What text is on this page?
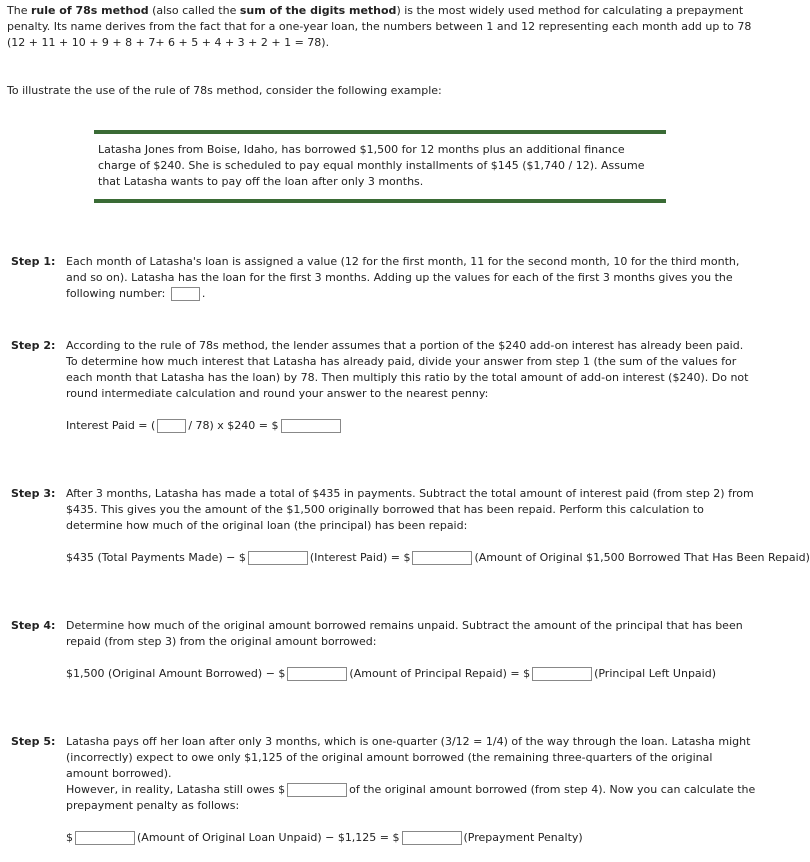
The rule of 78s method (also called the sum of the digits method) is the most widely used method for calculating a prepayment penalty. Its name derives from the fact that for a one-year loan, the numbers between 1 and 12 representing each month add up to 78 (12 + 11 + 10 + 9 + 8 + 7+ 6 + 5 + 4 + 3 + 2 + 1 = 78).

To illustrate the use of the rule of 78s method, consider the following example:

Latasha Jones from Boise, Idaho, has borrowed $1,500 for 12 months plus an additional finance charge of $240. She is scheduled to pay equal monthly installments of $145 ($1,740 / 12). Assume that Latasha wants to pay off the loan after only 3 months.

Step 1: Each month of Latasha's loan is assigned a value (12 for the first month, 11 for the second month, 10 for the third month, and so on). Latasha has the loan for the first 3 months. Adding up the values for each of the first 3 months gives you the following number:	.

Step 2: According to the rule of 78s method, the lender assumes that a portion of the $240 add-on interest has already been paid. To determine how much interest that Latasha has already paid, divide your answer from step 1 (the sum of the values for each month that Latasha has the loan) by 78. Then multiply this ratio by the total amount of add-on interest ($240). Do not round intermediate calculation and round your answer to the nearest penny:

Interest Paid = (	/ 78) x $240 = $
Step 3: After 3 months, Latasha has made a total of $435 in payments. Subtract the total amount of interest paid (from step 2) from $435. This gives you the amount of the $1,500 originally borrowed that has been repaid. Perform this calculation to determine how much of the original loan (the principal) has been repaid:

$435 (Total Payments Made) − $	(Interest Paid) = $	(Amount of Original $1,500 Borrowed That Has Been Repaid)
Step 4: Determine how much of the original amount borrowed remains unpaid. Subtract the amount of the principal that has been repaid (from step 3) from the original amount borrowed:

$1,500 (Original Amount Borrowed) − $	(Amount of Principal Repaid) = $	(Principal Left Unpaid)
Step 5: Latasha pays off her loan after only 3 months, which is one-quarter (3/12 = 1/4) of the way through the loan. Latasha might (incorrectly) expect to owe only $1,125 of the original amount borrowed (the remaining three-quarters of the original amount borrowed).

However, in reality, Latasha still owes $	of the original amount borrowed (from step 4). Now you can calculate the prepayment penalty as follows:

$	(Amount of Original Loan Unpaid) − $1,125 = $	(Prepayment Penalty)
